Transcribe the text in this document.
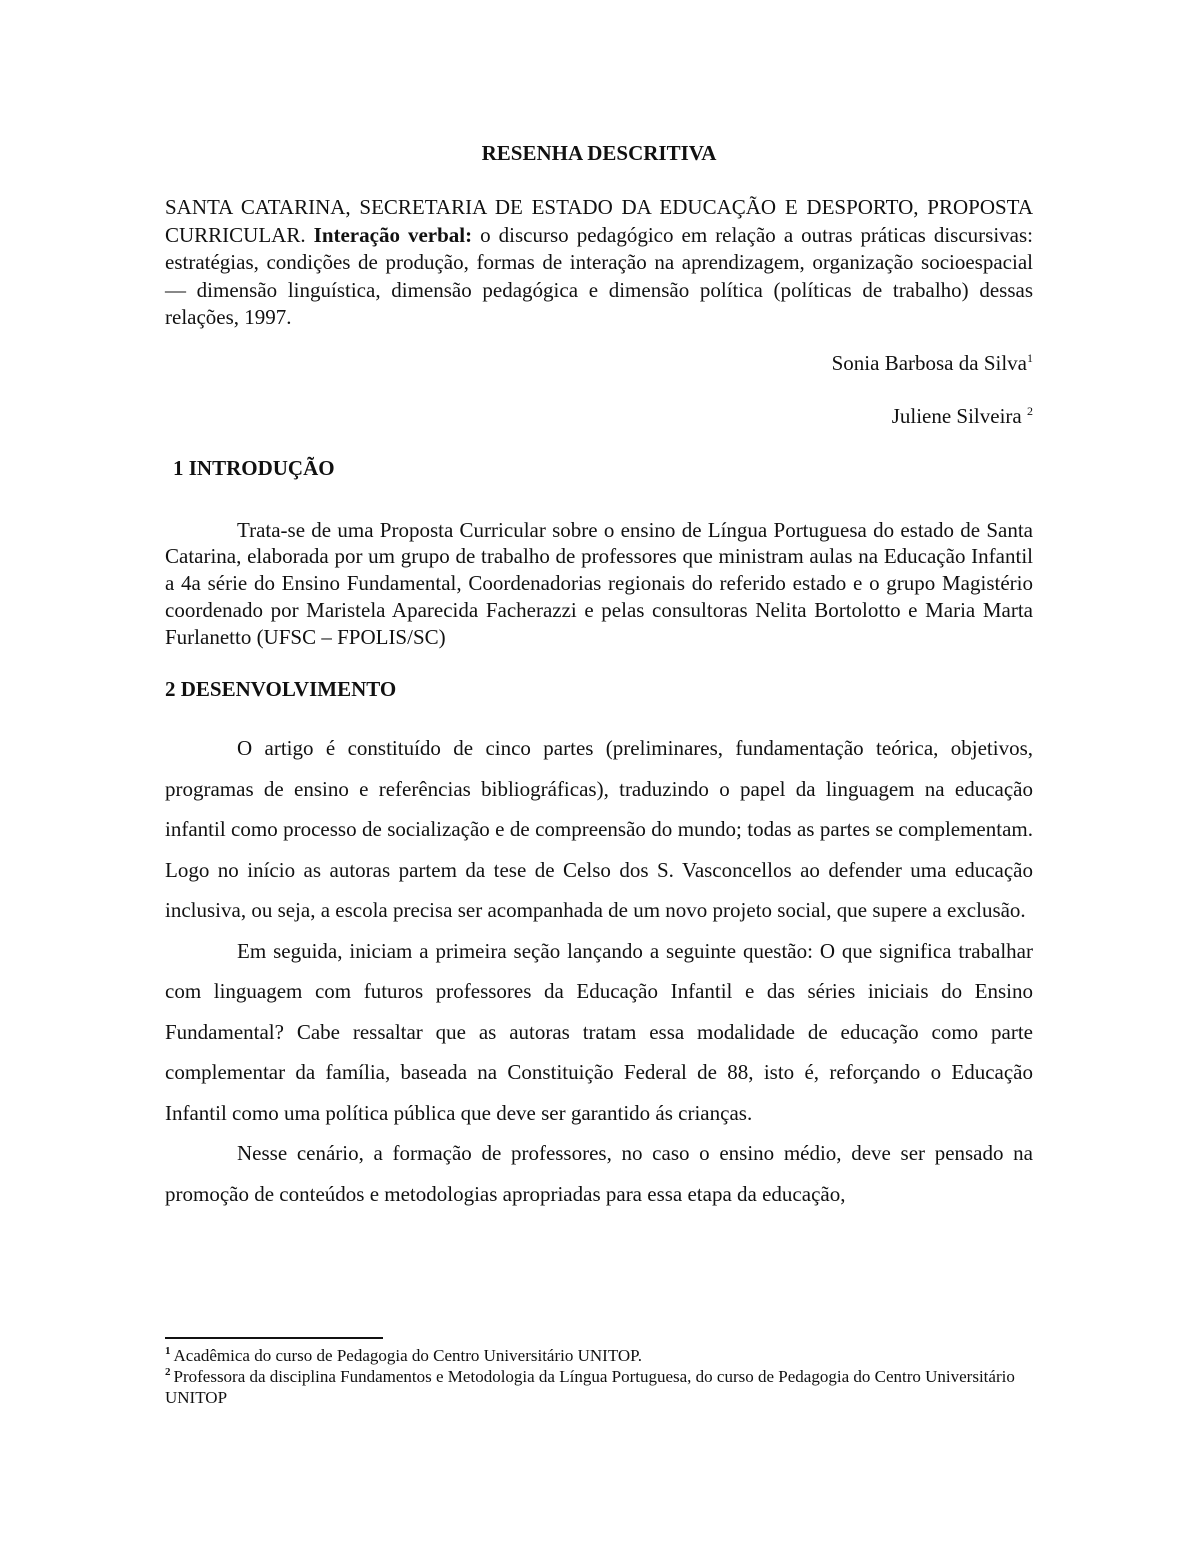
RESENHA DESCRITIVA

SANTA CATARINA, SECRETARIA DE ESTADO DA EDUCAÇÃO E DESPORTO, PROPOSTA CURRICULAR. Interação verbal: o discurso pedagógico em relação a outras práticas discursivas: estratégias, condições de produção, formas de interação na aprendizagem, organização socioespacial — dimensão linguística, dimensão pedagógica e dimensão política (políticas de trabalho) dessas relações, 1997.

Sonia Barbosa da Silva$^1$

Juliene Silveira $^2$

1 INTRODUÇÃO

Trata-se de uma Proposta Curricular sobre o ensino de Língua Portuguesa do estado de Santa Catarina, elaborada por um grupo de trabalho de professores que ministram aulas na Educação Infantil a 4a série do Ensino Fundamental, Coordenadorias regionais do referido estado e o grupo Magistério coordenado por Maristela Aparecida Facherazzi e pelas consultoras Nelita Bortolotto e Maria Marta Furlanetto (UFSC – FPOLIS/SC)

2 DESENVOLVIMENTO

O artigo é constituído de cinco partes (preliminares, fundamentação teórica, objetivos, programas de ensino e referências bibliográficas), traduzindo o papel da linguagem na educação infantil como processo de socialização e de compreensão do mundo; todas as partes se complementam. Logo no início as autoras partem da tese de Celso dos S. Vasconcellos ao defender uma educação inclusiva, ou seja, a escola precisa ser acompanhada de um novo projeto social, que supere a exclusão.

Em seguida, iniciam a primeira seção lançando a seguinte questão: O que significa trabalhar com linguagem com futuros professores da Educação Infantil e das séries iniciais do Ensino Fundamental? Cabe ressaltar que as autoras tratam essa modalidade de educação como parte complementar da família, baseada na Constituição Federal de 88, isto é, reforçando o Educação Infantil como uma política pública que deve ser garantido ás crianças.

Nesse cenário, a formação de professores, no caso o ensino médio, deve ser pensado na promoção de conteúdos e metodologias apropriadas para essa etapa da educação,

$^1$ Acadêmica do curso de Pedagogia do Centro Universitário UNITOP.

$^2$ Professora da disciplina Fundamentos e Metodologia da Língua Portuguesa, do curso de Pedagogia do Centro Universitário UNITOP
